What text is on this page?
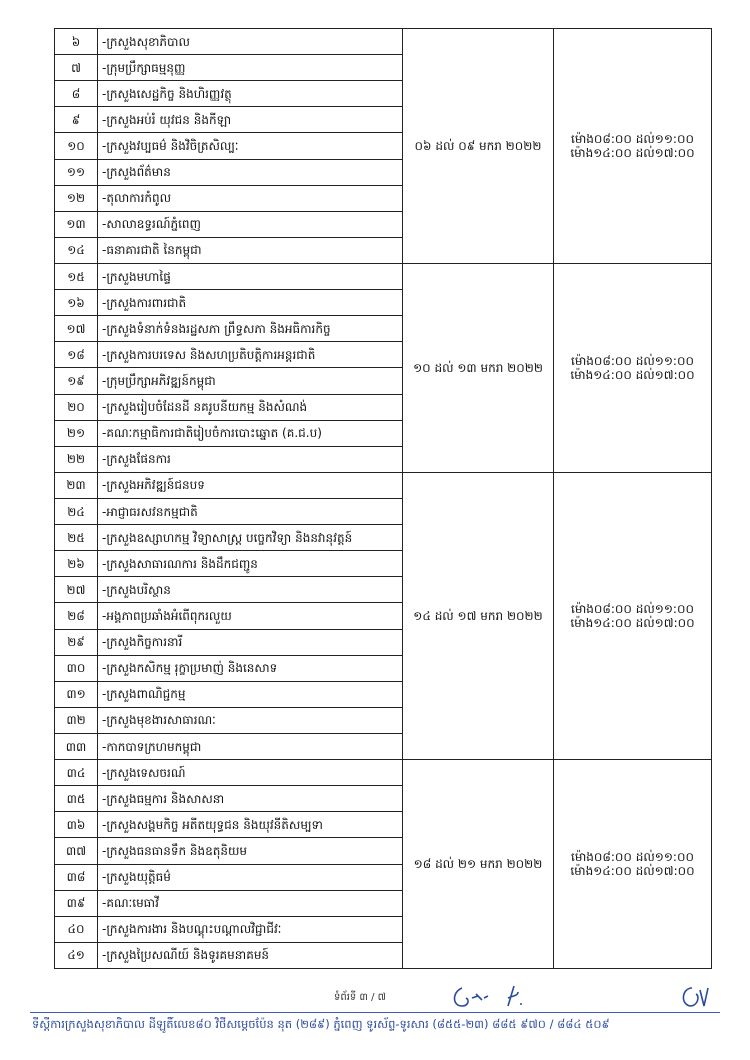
៦	-ក្រសួងសុខាភិបាល	០៦ ដល់ ០៩ មករា ២០២២	ម៉ោង០៨:០០ ដល់១១:០០
ម៉ោង១៤:០០ ដល់១៧:០០

៧	-ក្រុមប្រឹក្សាធម្មនុញ្ញ		
៨	-ក្រសួងសេដ្ឋកិច្ច និងហិរញ្ញវត្ថុ		
៩	-ក្រសួងអប់រំ យុវជន និងកីឡា		
១០	-ក្រសួងវប្បធម៌ និងវិចិត្រសិល្បៈ		
១១	-ក្រសួងព័ត៌មាន		
១២	-តុលាការកំពូល		
១៣	-សាលាឧទ្ធរណ៍ភ្នំពេញ		
១៤	-ធនាគារជាតិ នៃកម្ពុជា		
១៥	-ក្រសួងមហាផ្ទៃ	១០ ដល់ ១៣ មករា ២០២២	ម៉ោង០៨:០០ ដល់១១:០០
ម៉ោង១៤:០០ ដល់១៧:០០

១៦	-ក្រសួងការពារជាតិ		
១៧	-ក្រសួងទំនាក់ទំនងរដ្ឋសភា ព្រឹទ្ធសភា និងអធិការកិច្ច		
១៨	-ក្រសួងការបរទេស និងសហប្រតិបត្តិការអន្តរជាតិ		
១៩	-ក្រុមប្រឹក្សាអភិវឌ្ឍន៍កម្ពុជា		
២០	-ក្រសួងរៀបចំដែនដី នគរូបនីយកម្ម និងសំណង់		
២១	-គណៈកម្មាធិការជាតិរៀបចំការបោះឆ្នោត (គ.ជ.ប)		
២២	-ក្រសួងផែនការ		
២៣	-ក្រសួងអភិវឌ្ឍន៍ជនបទ	១៤ ដល់ ១៧ មករា ២០២២	ម៉ោង០៨:០០ ដល់១១:០០
ម៉ោង១៤:០០ ដល់១៧:០០

២៤	-អាជ្ញាធរសវនកម្មជាតិ		
២៥	-ក្រសួងឧស្សាហកម្ម វិទ្យាសាស្ត្រ បច្ចេកវិទ្យា និងនវានុវត្តន៍		
២៦	-ក្រសួងសាធារណការ និងដឹកជញ្ជូន		
២៧	-ក្រសួងបរិស្ថាន		
២៨	-អង្គភាពប្រឆាំងអំពើពុករលួយ		
២៩	-ក្រសួងកិច្ចការនារី		
៣០	-ក្រសួងកសិកម្ម រុក្ខាប្រមាញ់ និងនេសាទ		
៣១	-ក្រសួងពាណិជ្ជកម្ម		
៣២	-ក្រសួងមុខងារសាធារណៈ		
៣៣	-កាកបាទក្រហមកម្ពុជា		
៣៤	-ក្រសួងទេសចរណ៍	១៨ ដល់ ២១ មករា ២០២២	ម៉ោង០៨:០០ ដល់១១:០០
ម៉ោង១៤:០០ ដល់១៧:០០

៣៥	-ក្រសួងធម្មការ និងសាសនា		
៣៦	-ក្រសួងសង្គមកិច្ច អតីតយុទ្ធជន និងយុវនីតិសម្បទា		
៣៧	-ក្រសួងធនធានទឹក និងឧតុនិយម		
៣៨	-ក្រសួងយុត្តិធម៌		
៣៩	-គណៈមេធាវី		
៤០	-ក្រសួងការងារ និងបណ្តុះបណ្តាលវិជ្ជាជីវៈ		
៤១	-ក្រសួងប្រៃសណីយ៍ និងទូរគមនាគមន៍		
ទំព័រទី ៣ / ៧
ទីស្តីការក្រសួងសុខាភិបាល ដីឡូតិ៍លេខ៨០ វិថីសម្តេចប៉ែន នុត (២៨៩) ភ្នំពេញ ទូរស័ព្ទ-ទូរសារ (៨៥៥-២៣) ៨៨៥ ៩៧០ / ៨៨៤ ៥០៩
